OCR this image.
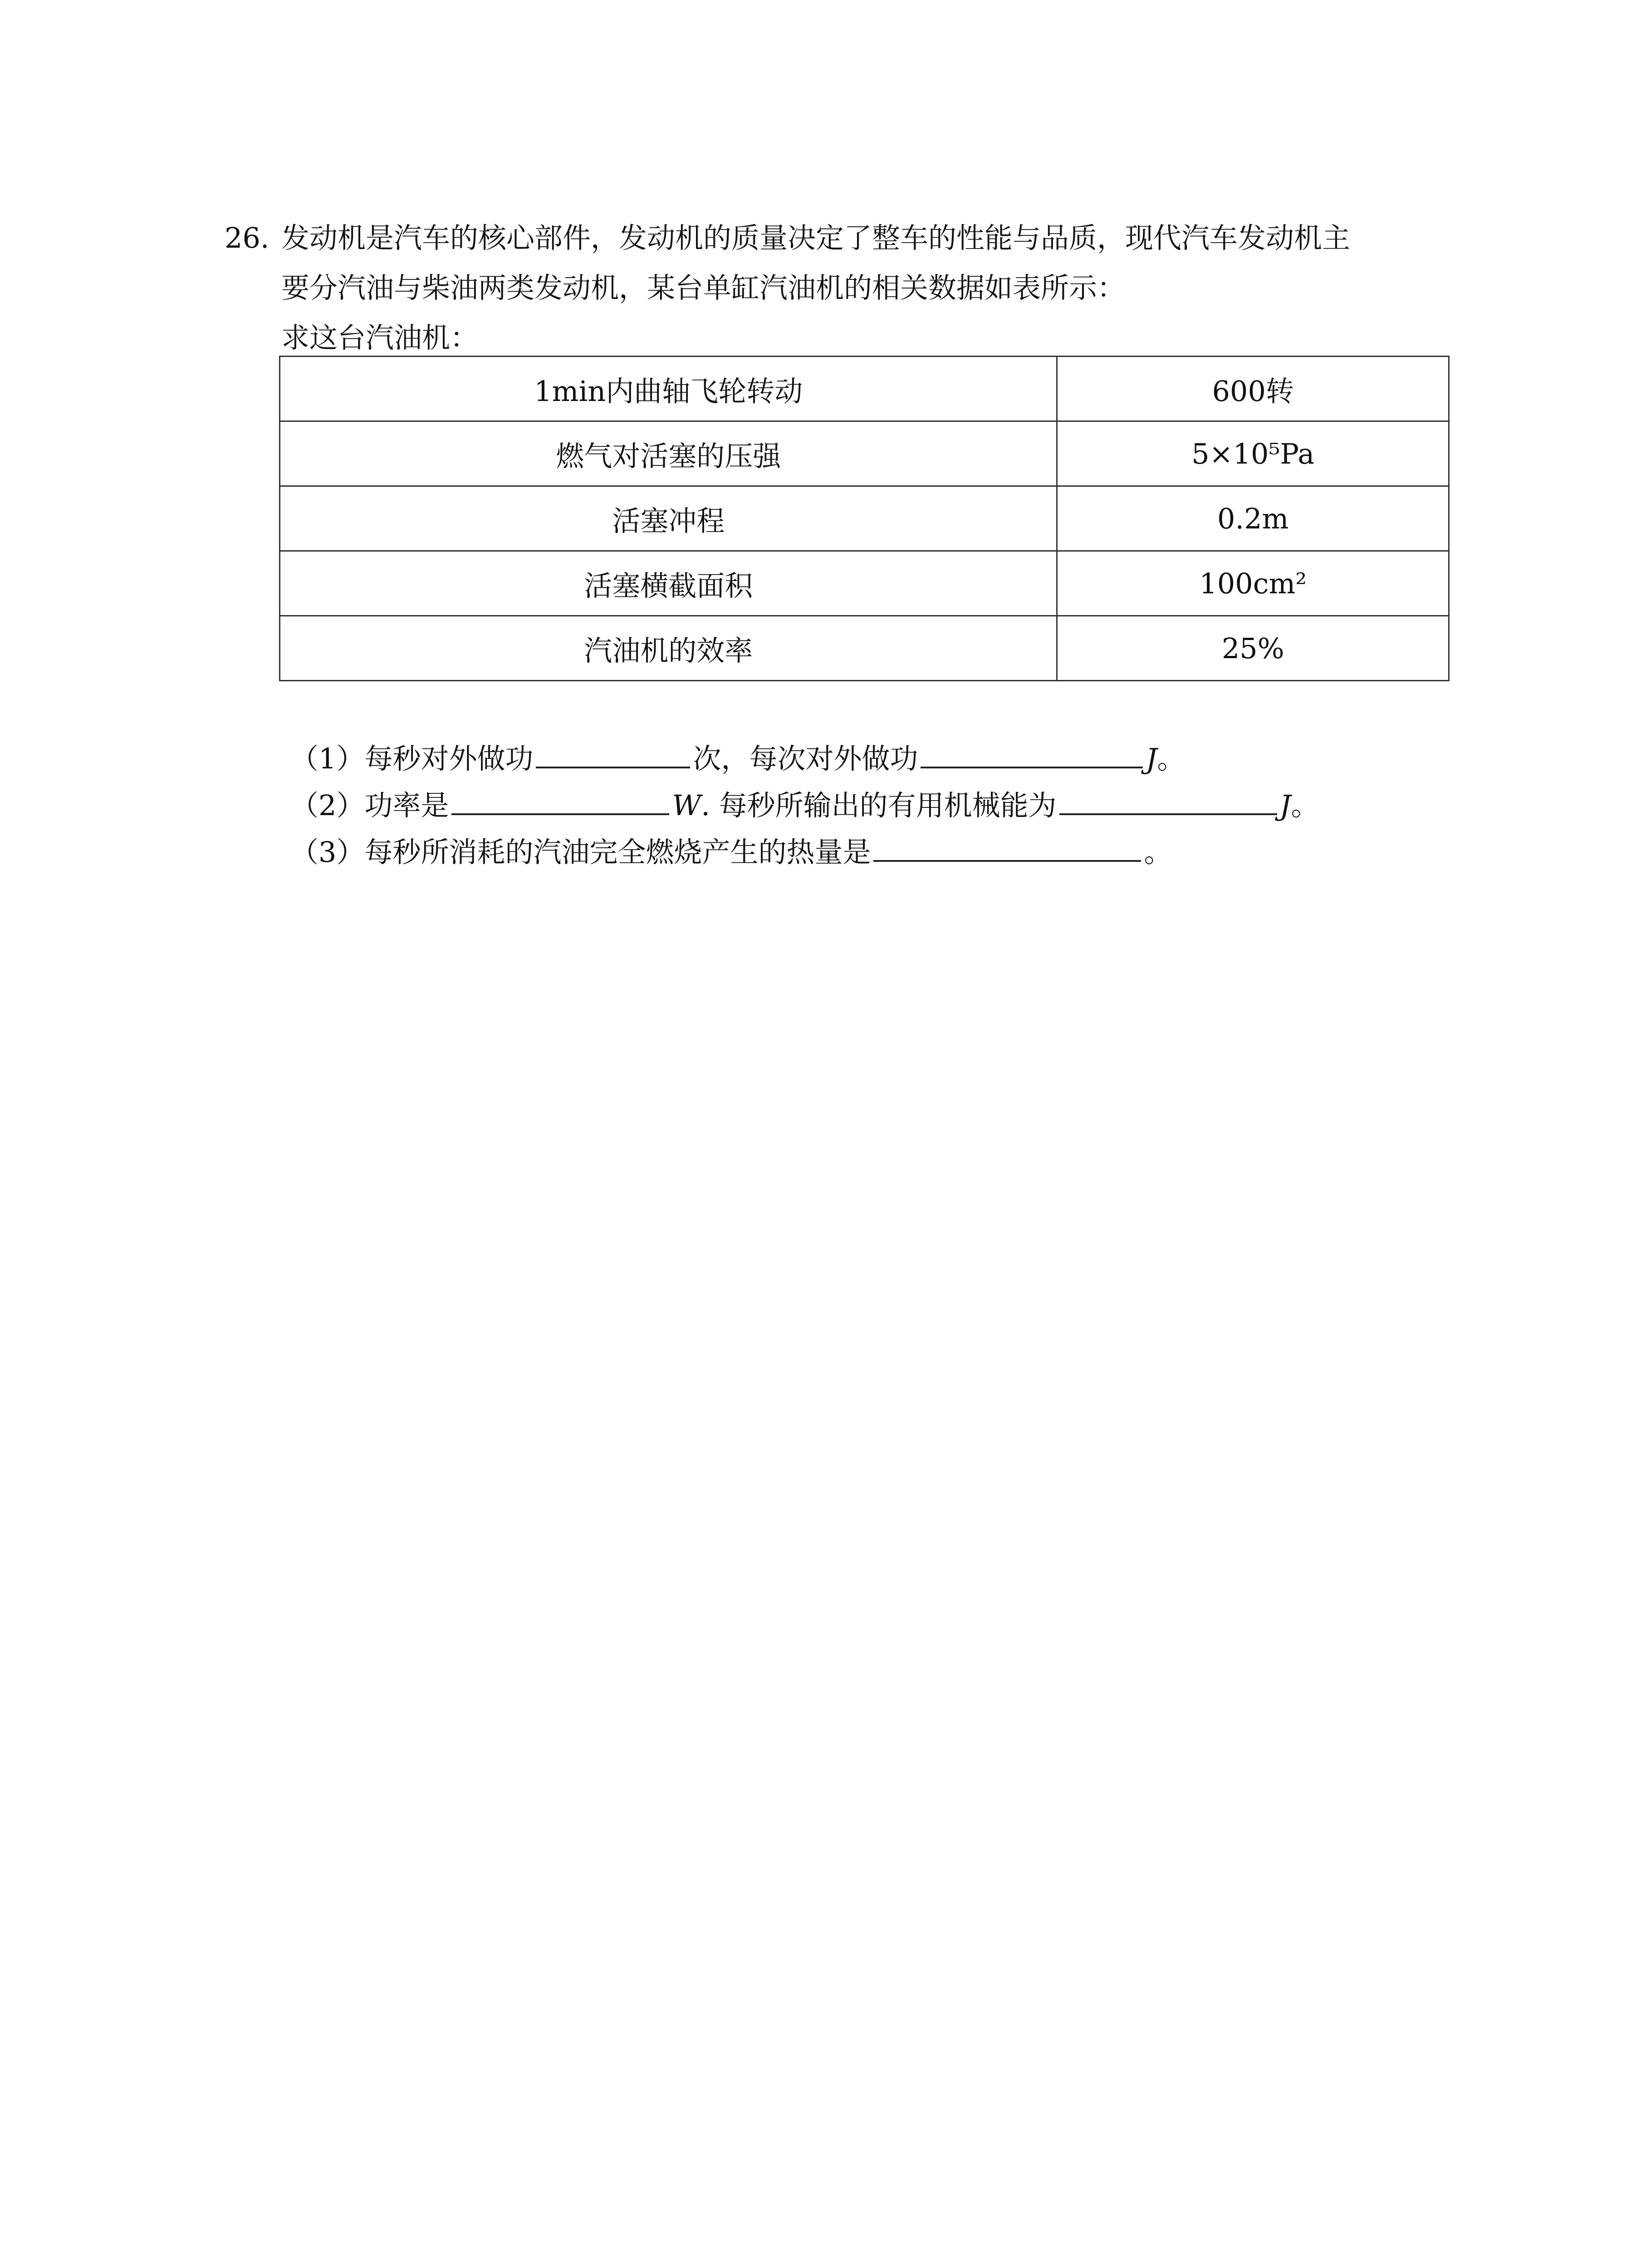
26. 发动机是汽车的核心部件，发动机的质量决定了整车的性能与品质，现代汽车发动机主
要分汽油与柴油两类发动机，某台单缸汽油机的相关数据如表所示：
求这台汽油机：
1min内曲轴飞轮转动	600转
燃气对活塞的压强	5×10⁵Pa
活塞冲程	0.2m
活塞横截面积	100cm²
汽油机的效率	25%
（1）每秒对外做功	次，每次对外做功	J。
（2）功率是	W. 每秒所输出的有用机械能为	J。
（3）每秒所消耗的汽油完全燃烧产生的热量是	。
